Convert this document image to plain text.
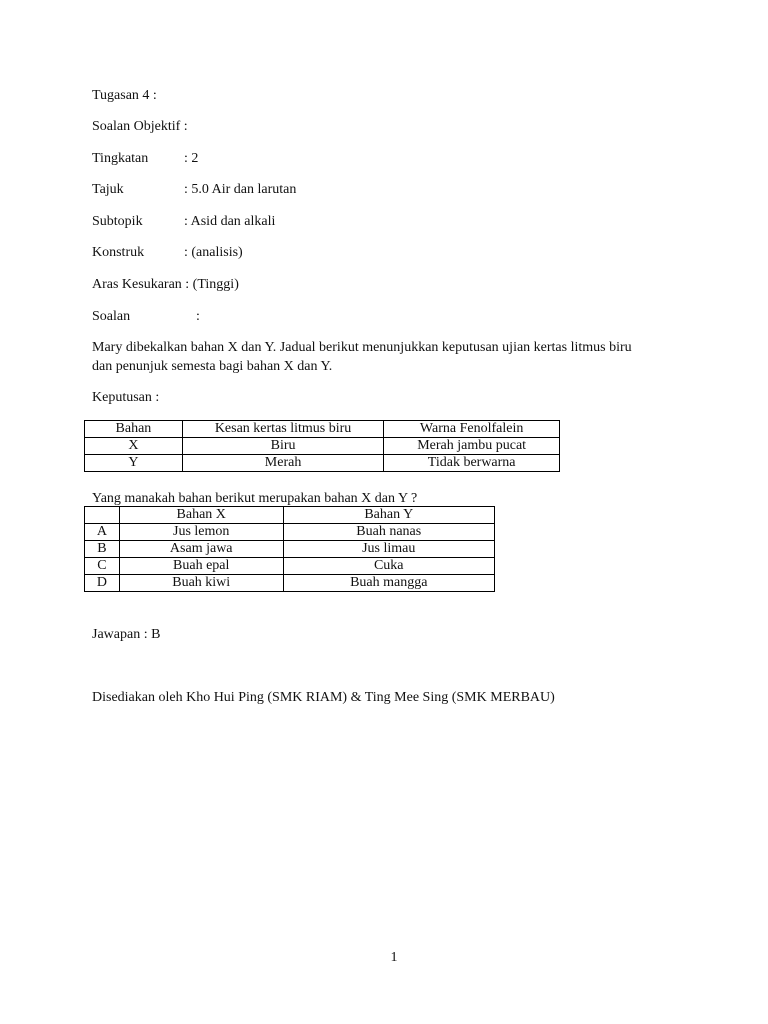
Tugasan 4 :
Soalan Objektif :
Tingkatan	: 2
Tajuk	: 5.0 Air dan larutan
Subtopik	: Asid dan alkali
Konstruk	: (analisis)
Aras Kesukaran : (Tinggi)
Soalan	:
Mary dibekalkan bahan X dan Y. Jadual berikut menunjukkan keputusan ujian kertas litmus biru
dan penunjuk semesta bagi bahan X dan Y.
Keputusan :
Bahan	Kesan kertas litmus biru	Warna Fenolfalein
X	Biru	Merah jambu pucat
Y	Merah	Tidak berwarna
Yang manakah bahan berikut merupakan bahan X dan Y ?
	Bahan X	Bahan Y
A	Jus lemon	Buah nanas
B	Asam jawa	Jus limau
C	Buah epal	Cuka
D	Buah kiwi	Buah mangga
Jawapan : B
Disediakan oleh Kho Hui Ping (SMK RIAM) & Ting Mee Sing (SMK MERBAU)
1
